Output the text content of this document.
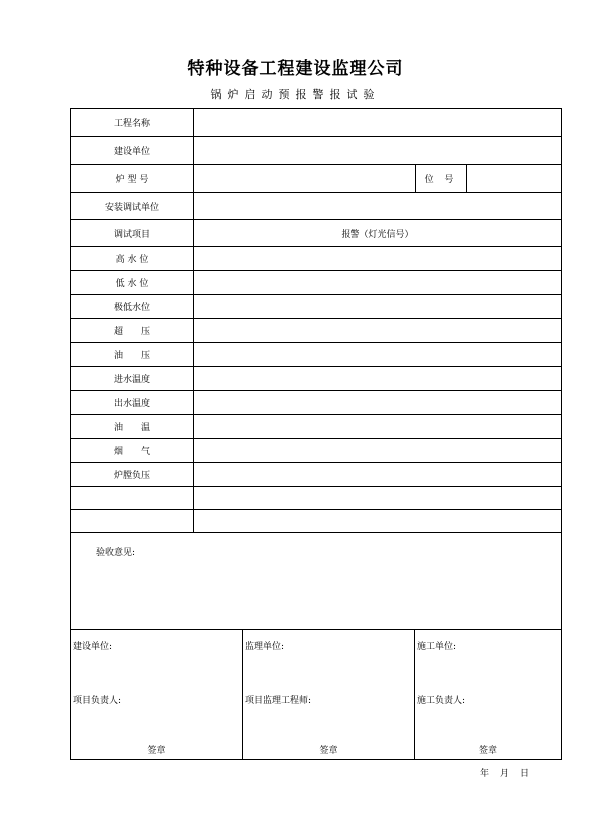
特种设备工程建设监理公司
锅炉启动预报警报试验
工程名称
建设单位
炉 型 号	位 号
安装调试单位
调试项目	报警（灯光信号）
高 水 位
低 水 位
极低水位
超　　压
油　　压
进水温度
出水温度
油　　温
烟　　气
炉膛负压
验收意见:
建设单位:
项目负责人:
签章
监理单位:
项目监理工程师:
签章
施工单位:
施工负责人:
签章
年　月　日
